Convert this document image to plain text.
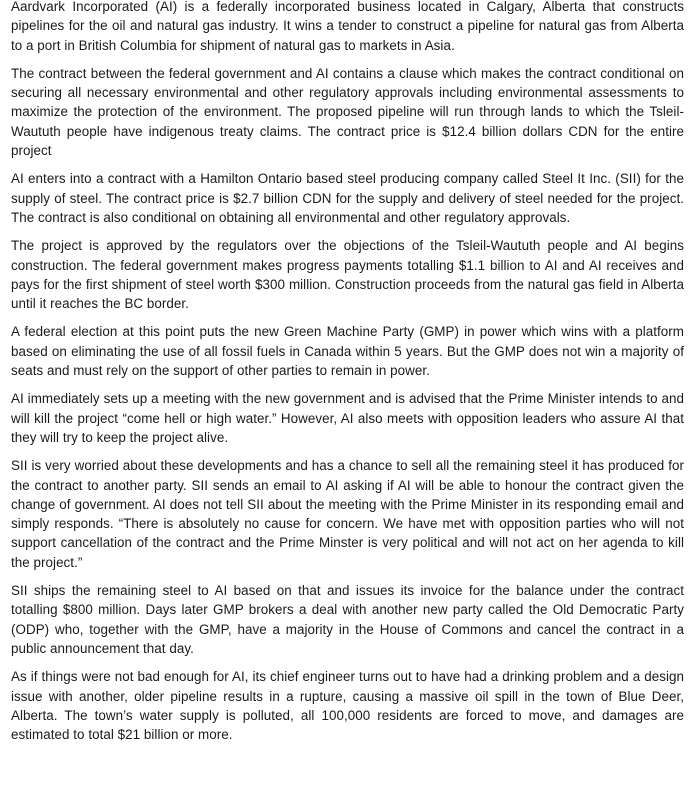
Aardvark Incorporated (AI) is a federally incorporated business located in Calgary, Alberta that constructs pipelines for the oil and natural gas industry. It wins a tender to construct a pipeline for natural gas from Alberta to a port in British Columbia for shipment of natural gas to markets in Asia.

The contract between the federal government and AI contains a clause which makes the contract conditional on securing all necessary environmental and other regulatory approvals including environmental assessments to maximize the protection of the environment. The proposed pipeline will run through lands to which the Tsleil-Waututh people have indigenous treaty claims. The contract price is $12.4 billion dollars CDN for the entire project

AI enters into a contract with a Hamilton Ontario based steel producing company called Steel It Inc. (SII) for the supply of steel. The contract price is $2.7 billion CDN for the supply and delivery of steel needed for the project. The contract is also conditional on obtaining all environmental and other regulatory approvals.

The project is approved by the regulators over the objections of the Tsleil-Waututh people and AI begins construction. The federal government makes progress payments totalling $1.1 billion to AI and AI receives and pays for the first shipment of steel worth $300 million. Construction proceeds from the natural gas field in Alberta until it reaches the BC border.

A federal election at this point puts the new Green Machine Party (GMP) in power which wins with a platform based on eliminating the use of all fossil fuels in Canada within 5 years. But the GMP does not win a majority of seats and must rely on the support of other parties to remain in power.

AI immediately sets up a meeting with the new government and is advised that the Prime Minister intends to and will kill the project “come hell or high water.” However, AI also meets with opposition leaders who assure AI that they will try to keep the project alive.

SII is very worried about these developments and has a chance to sell all the remaining steel it has produced for the contract to another party. SII sends an email to AI asking if AI will be able to honour the contract given the change of government. AI does not tell SII about the meeting with the Prime Minister in its responding email and simply responds. “There is absolutely no cause for concern. We have met with opposition parties who will not support cancellation of the contract and the Prime Minster is very political and will not act on her agenda to kill the project.”

SII ships the remaining steel to AI based on that and issues its invoice for the balance under the contract totalling $800 million. Days later GMP brokers a deal with another new party called the Old Democratic Party (ODP) who, together with the GMP, have a majority in the House of Commons and cancel the contract in a public announcement that day.

As if things were not bad enough for AI, its chief engineer turns out to have had a drinking problem and a design issue with another, older pipeline results in a rupture, causing a massive oil spill in the town of Blue Deer, Alberta. The town’s water supply is polluted, all 100,000 residents are forced to move, and damages are estimated to total $21 billion or more.
